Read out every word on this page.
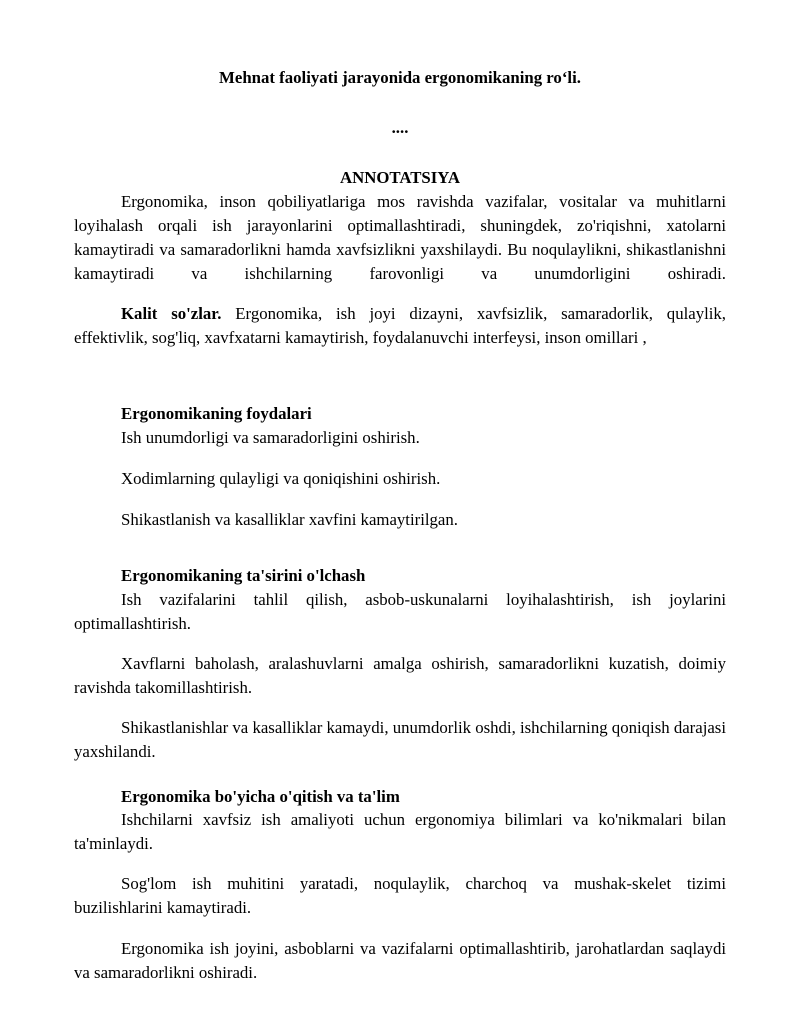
Mehnat faoliyati jarayonida ergonomikaning ro‘li.

....

ANNOTATSIYA

Ergonomika, inson qobiliyatlariga mos ravishda vazifalar, vositalar va muhitlarni loyihalash orqali ish jarayonlarini optimallashtiradi, shuningdek, zo'riqishni, xatolarni kamaytiradi va samaradorlikni hamda xavfsizlikni yaxshilaydi. Bu noqulaylikni, shikastlanishni kamaytiradi va ishchilarning farovonligi va unumdorligini oshiradi.

Kalit so'zlar. Ergonomika, ish joyi dizayni, xavfsizlik, samaradorlik, qulaylik, effektivlik, sog'liq, xavfxatarni kamaytirish, foydalanuvchi interfeysi, inson omillari ,

Ergonomikaning foydalari

Ish unumdorligi va samaradorligini oshirish.

Xodimlarning qulayligi va qoniqishini oshirish.

Shikastlanish va kasalliklar xavfini kamaytirilgan.

Ergonomikaning ta'sirini o'lchash

Ish vazifalarini tahlil qilish, asbob-uskunalarni loyihalashtirish, ish joylarini optimallashtirish.

Xavflarni baholash, aralashuvlarni amalga oshirish, samaradorlikni kuzatish, doimiy ravishda takomillashtirish.

Shikastlanishlar va kasalliklar kamaydi, unumdorlik oshdi, ishchilarning qoniqish darajasi yaxshilandi.

Ergonomika bo'yicha o'qitish va ta'lim

Ishchilarni xavfsiz ish amaliyoti uchun ergonomiya bilimlari va ko'nikmalari bilan ta'minlaydi.

Sog'lom ish muhitini yaratadi, noqulaylik, charchoq va mushak-skelet tizimi buzilishlarini kamaytiradi.

Ergonomika ish joyini, asboblarni va vazifalarni optimallashtirib, jarohatlardan saqlaydi va samaradorlikni oshiradi.
